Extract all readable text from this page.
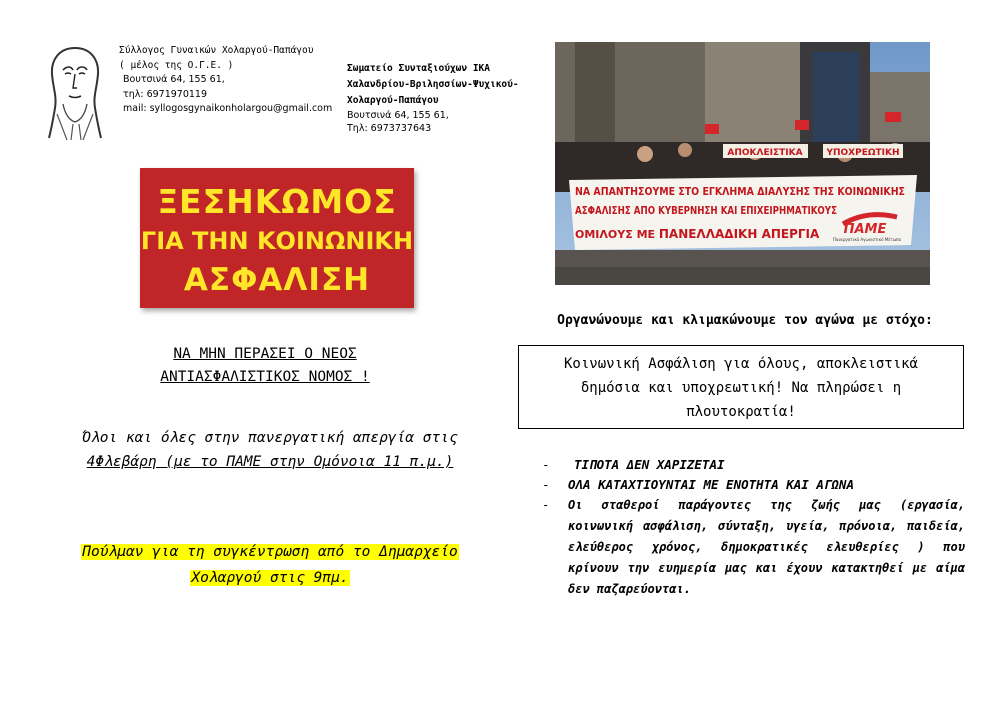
Σύλλογος Γυναικών Χολαργού-Παπάγου
( μέλος της Ο.Γ.Ε. )
Βουτσινά 64, 155 61,
τηλ: 6971970119
mail: syllogosgynaikonholargou@gmail.com
Σωματείο Συνταξιούχων ΙΚΑ
Χαλανδρίου-Βριλησσίων-Ψυχικού-
Χολαργού-Παπάγου
Βουτσινά 64, 155 61,
Τηλ: 6973737643
ΞΕΣΗΚΩΜΟΣ
ΓΙΑ ΤΗΝ ΚΟΙΝΩΝΙΚΗ
ΑΣΦΑΛΙΣΗ
ΑΠΟΚΛΕΙΣΤΙΚΑ	ΥΠΟΧΡΕΩΤΙΚΗ
ΝΑ ΑΠΑΝΤΗΣΟΥΜΕ ΣΤΟ ΕΓΚΛΗΜΑ ΔΙΑΛΥΣΗΣ ΤΗΣ ΚΟΙΝΩΝΙΚΗΣ
ΑΣΦΑΛΙΣΗΣ ΑΠΟ ΚΥΒΕΡΝΗΣΗ ΚΑΙ ΕΠΙΧΕΙΡΗΜΑΤΙΚΟΥΣ
ΟΜΙΛΟΥΣ ΜΕ ΠΑΝΕΛΛΑΔΙΚΗ ΑΠΕΡΓΙΑ ΠΑΜΕ
Πανεργατικό Αγωνιστικό Μέτωπο
ΝΑ ΜΗΝ ΠΕΡΑΣΕΙ Ο ΝΕΟΣ
ΑΝΤΙΑΣΦΑΛΙΣΤΙΚΟΣ ΝΟΜΟΣ !
Όλοι και όλες στην πανεργατική απεργία στις
4Φλεβάρη (με το ΠΑΜΕ στην Ομόνοια 11 π.μ.)
Πούλμαν για τη συγκέντρωση από το Δημαρχείο
Χολαργού στις 9πμ.
Οργανώνουμε και κλιμακώνουμε τον αγώνα με στόχο:
Κοινωνική Ασφάλιση για όλους, αποκλειστικά
δημόσια και υποχρεωτική! Να πληρώσει η
πλουτοκρατία!
- ΤΙΠΟΤΑ ΔΕΝ ΧΑΡΙΖΕΤΑΙ
- ΟΛΑ ΚΑΤΑΧΤΙΟΥΝΤΑΙ ΜΕ ΕΝΟΤΗΤΑ ΚΑΙ ΑΓΩΝΑ
- Οι σταθεροί παράγοντες της ζωής μας (εργασία, κοινωνική ασφάλιση, σύνταξη, υγεία, πρόνοια, παιδεία, ελεύθερος χρόνος, δημοκρατικές ελευθερίες ) που κρίνουν την ευημερία μας και έχουν κατακτηθεί με αίμα δεν παζαρεύονται.
